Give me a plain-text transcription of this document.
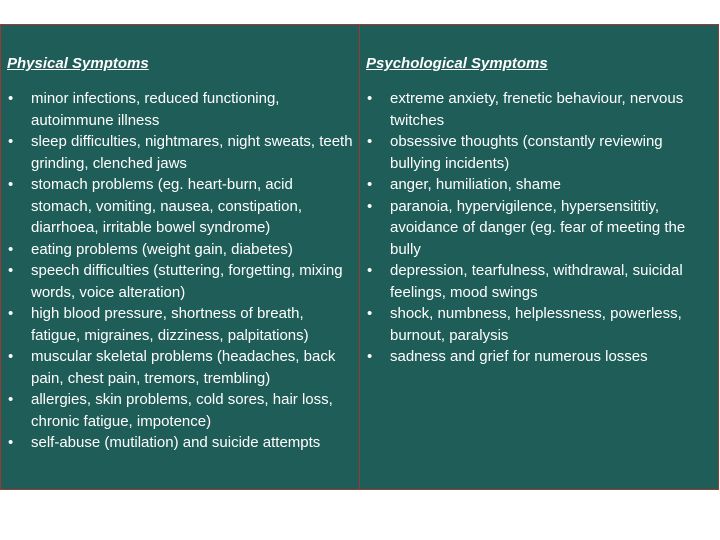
Physical Symptoms
•	minor infections, reduced functioning, autoimmune illness
•	sleep difficulties, nightmares, night sweats, teeth grinding, clenched jaws
•	stomach problems (eg. heart-burn, acid stomach, vomiting, nausea, constipation, diarrhoea, irritable bowel syndrome)
•	eating problems (weight gain, diabetes)
•	speech difficulties (stuttering, forgetting, mixing words, voice alteration)
•	high blood pressure, shortness of breath, fatigue, migraines, dizziness, palpitations)
•	muscular skeletal problems (headaches, back pain, chest pain, tremors, trembling)
•	allergies, skin problems, cold sores, hair loss, chronic fatigue, impotence)
•	self-abuse (mutilation) and suicide attempts
Psychological Symptoms
•	extreme anxiety, frenetic behaviour, nervous twitches
•	obsessive thoughts (constantly reviewing bullying incidents)
•	anger, humiliation, shame
•	paranoia, hypervigilence, hypersensititiy, avoidance of danger (eg. fear of meeting the bully
•	depression, tearfulness, withdrawal, suicidal feelings, mood swings
•	shock, numbness, helplessness, powerless, burnout, paralysis
•	sadness and grief for numerous losses
